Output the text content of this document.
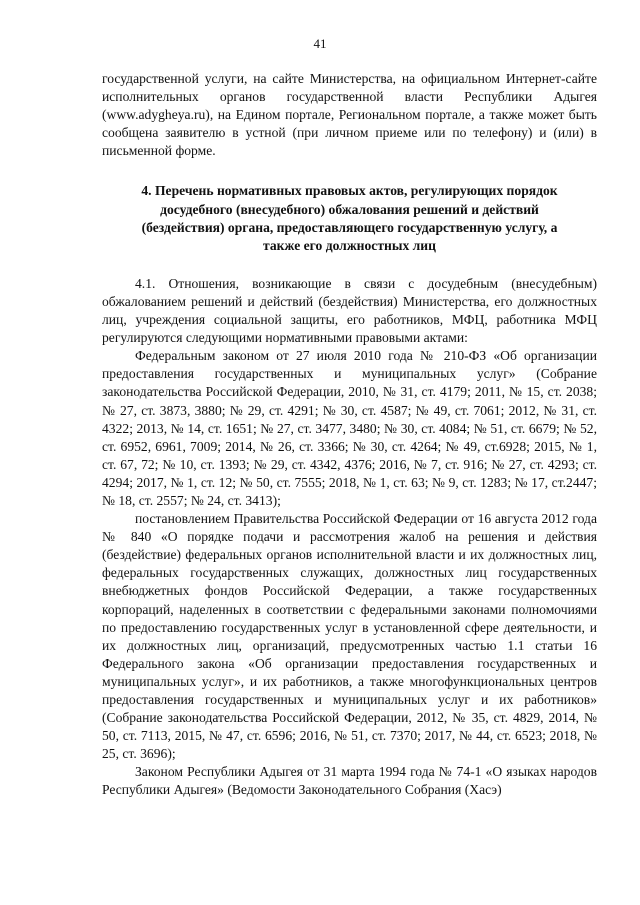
41

государственной услуги, на сайте Министерства, на официальном Интернет-сайте исполнительных органов государственной власти Республики Адыгея (www.adygheya.ru), на Едином портале, Региональном портале, а также может быть сообщена заявителю в устной (при личном приеме или по телефону) и (или) в письменной форме.

4. Перечень нормативных правовых актов, регулирующих порядок досудебного (внесудебного) обжалования решений и действий (бездействия) органа, предоставляющего государственную услугу, а также его должностных лиц

4.1. Отношения, возникающие в связи с досудебным (внесудебным) обжалованием решений и действий (бездействия) Министерства, его должностных лиц, учреждения социальной защиты, его работников, МФЦ, работника МФЦ регулируются следующими нормативными правовыми актами:

Федеральным законом от 27 июля 2010 года № 210-ФЗ «Об организации предоставления государственных и муниципальных услуг» (Собрание законодательства Российской Федерации, 2010, № 31, ст. 4179; 2011, № 15, ст. 2038; № 27, ст. 3873, 3880; № 29, ст. 4291; № 30, ст. 4587; № 49, ст. 7061; 2012, № 31, ст. 4322; 2013, № 14, ст. 1651; № 27, ст. 3477, 3480; № 30, ст. 4084; № 51, ст. 6679; № 52, ст. 6952, 6961, 7009; 2014, № 26, ст. 3366; № 30, ст. 4264; № 49, ст.6928; 2015, № 1, ст. 67, 72; № 10, ст. 1393; № 29, ст. 4342, 4376; 2016, № 7, ст. 916; № 27, ст. 4293; ст. 4294; 2017, № 1, ст. 12; № 50, ст. 7555; 2018, № 1, ст. 63; № 9, ст. 1283; № 17, ст.2447; № 18, ст. 2557; № 24, ст. 3413);

постановлением Правительства Российской Федерации от 16 августа 2012 года № 840 «О порядке подачи и рассмотрения жалоб на решения и действия (бездействие) федеральных органов исполнительной власти и их должностных лиц, федеральных государственных служащих, должностных лиц государственных внебюджетных фондов Российской Федерации, а также государственных корпораций, наделенных в соответствии с федеральными законами полномочиями по предоставлению государственных услуг в установленной сфере деятельности, и их должностных лиц, организаций, предусмотренных частью 1.1 статьи 16 Федерального закона «Об организации предоставления государственных и муниципальных услуг», и их работников, а также многофункциональных центров предоставления государственных и муниципальных услуг и их работников» (Собрание законодательства Российской Федерации, 2012, № 35, ст. 4829, 2014, № 50, ст. 7113, 2015, № 47, ст. 6596; 2016, № 51, ст. 7370; 2017, № 44, ст. 6523; 2018, № 25, ст. 3696);

Законом Республики Адыгея от 31 марта 1994 года № 74-1 «О языках народов Республики Адыгея» (Ведомости Законодательного Собрания (Хасэ)
